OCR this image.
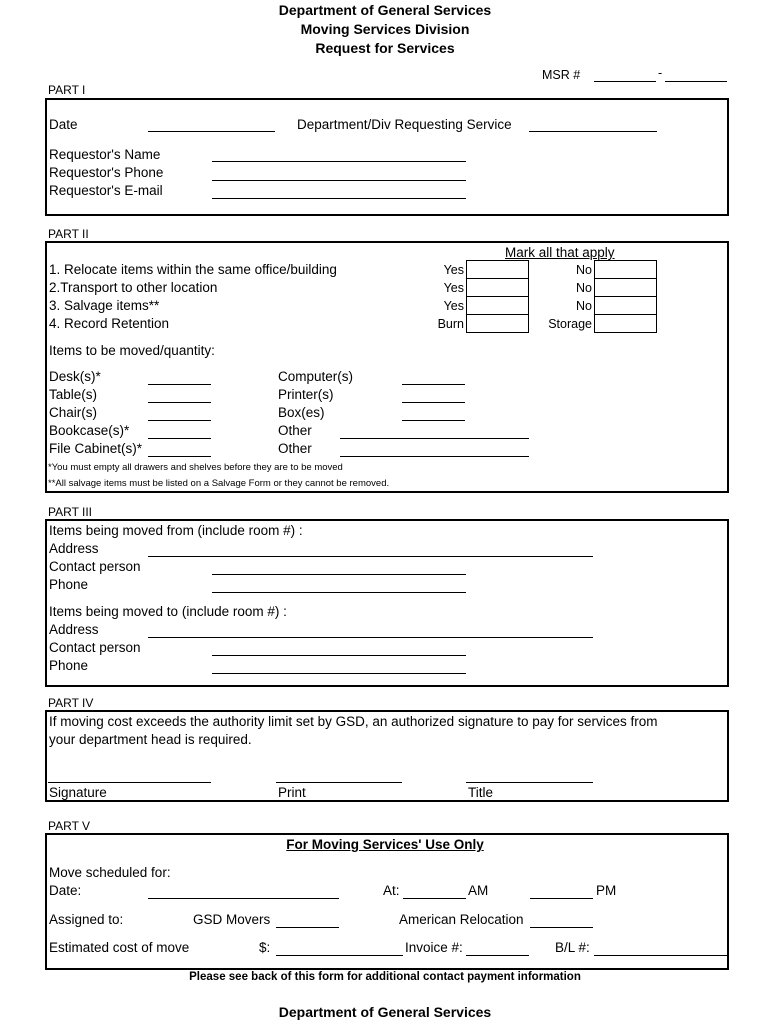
Department of General Services
Moving Services Division
Request for Services
MSR #	-
PART I
Date	Department/Div Requesting Service
Requestor's Name
Requestor's Phone
Requestor's E-mail
PART II
Mark all that apply
1. Relocate items within the same office/building	Yes	No
2.Transport to other location	Yes	No
3. Salvage items**	Yes	No
4. Record Retention	Burn	Storage
Items to be moved/quantity:
Desk(s)*
Table(s)
Chair(s)
Bookcase(s)*
File Cabinet(s)*
Computer(s)
Printer(s)
Box(es)
Other
Other
*You must empty all drawers and shelves before they are to be moved
**All salvage items must be listed on a Salvage Form or they cannot be removed.
PART III
Items being moved from (include room #) :
Address
Contact person
Phone
Items being moved to (include room #) :
Address
Contact person
Phone
PART IV
If moving cost exceeds the authority limit set by GSD, an authorized signature to pay for services from
your department head is required.
Signature	Print	Title
PART V
For Moving Services' Use Only
Move scheduled for:
Date:	At:	AM	PM
Assigned to:	GSD Movers	American Relocation
Estimated cost of move	$:	Invoice #:	B/L #:
Please see back of this form for additional contact payment information
Department of General Services
